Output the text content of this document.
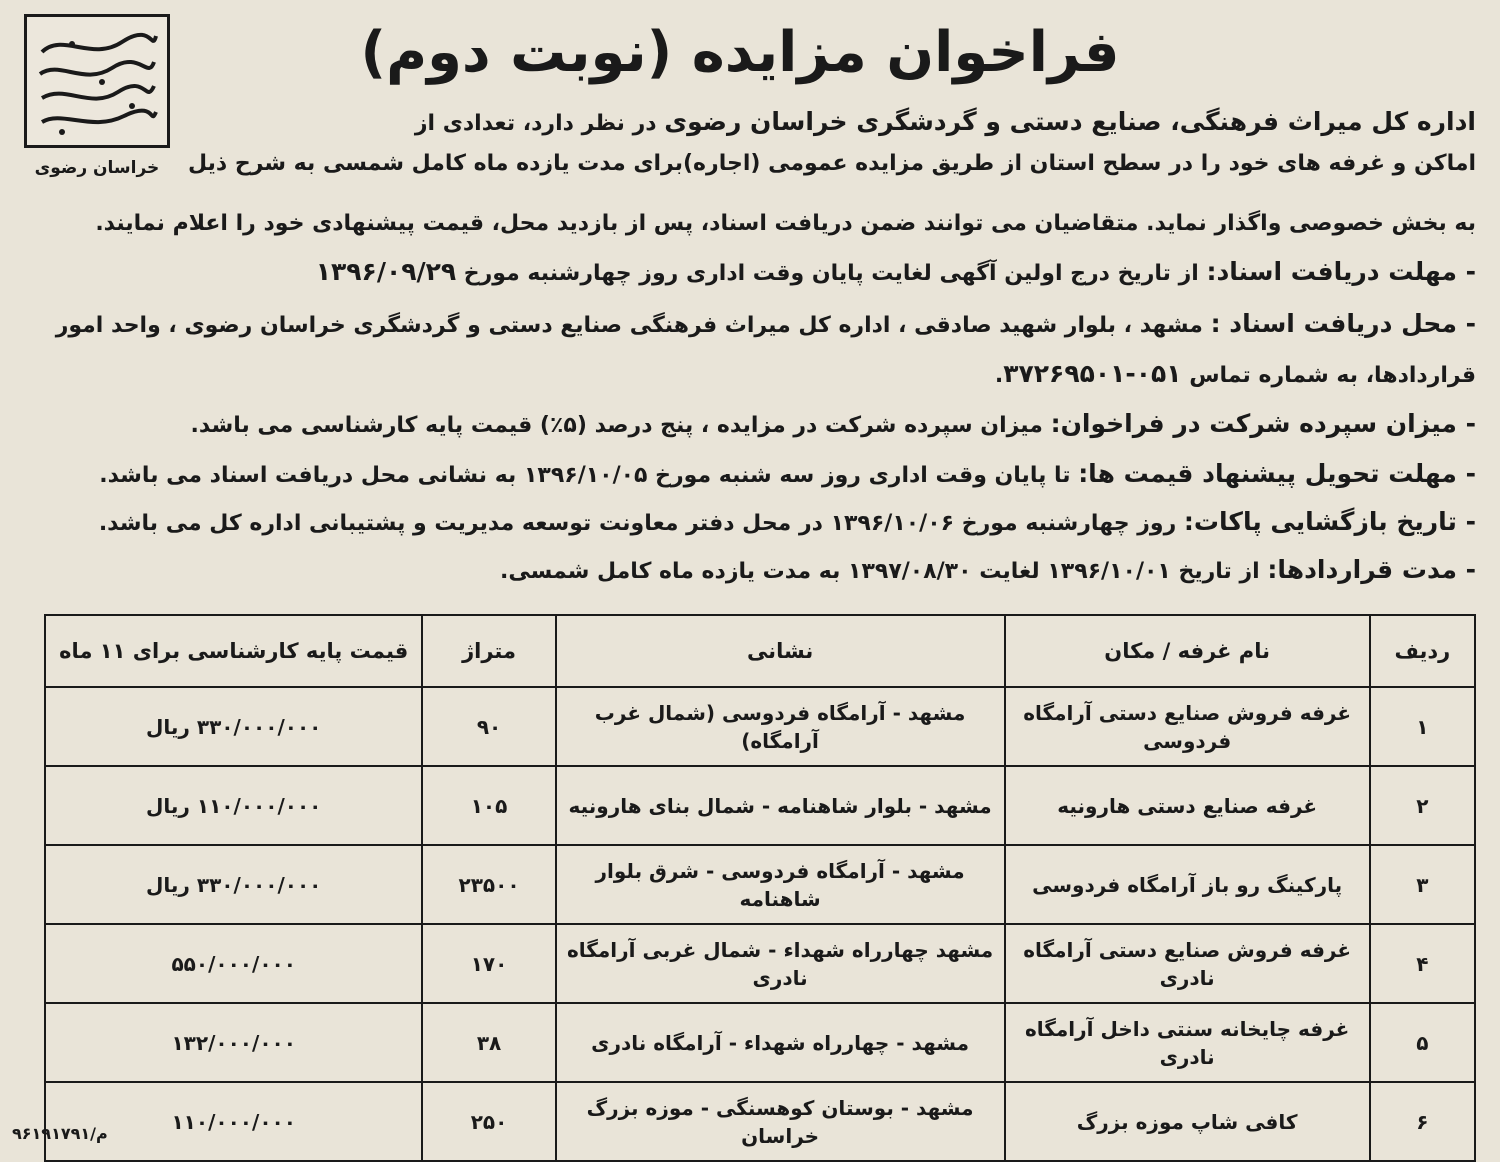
خراسان رضوی
فراخوان مزایده (نوبت دوم)
اداره کل میراث فرهنگی، صنایع دستی و گردشگری خراسان رضوی در نظر دارد، تعدادی از
اماکن و غرفه های خود را در سطح استان از طریق مزایده عمومی (اجاره)برای مدت یازده ماه کامل شمسی به شرح ذیل
به بخش خصوصی واگذار نماید. متقاضیان می توانند ضمن دریافت اسناد، پس از بازدید محل، قیمت پیشنهادی خود را اعلام نمایند.
- مهلت دریافت اسناد: از تاریخ درج اولین آگهی لغایت پایان وقت اداری روز چهارشنبه مورخ ۱۳۹۶/۰۹/۲۹
- محل دریافت اسناد : مشهد ، بلوار شهید صادقی ، اداره کل میراث فرهنگی صنایع دستی و گردشگری خراسان رضوی ، واحد امور
قراردادها، به شماره تماس ۰۵۱-۳۷۲۶۹۵۰۱.
- میزان سپرده شرکت در فراخوان: میزان سپرده شرکت در مزایده ، پنج درصد (۵٪) قیمت پایه کارشناسی می باشد.
- مهلت تحویل پیشنهاد قیمت ها: تا پایان وقت اداری روز سه شنبه مورخ ۱۳۹۶/۱۰/۰۵ به نشانی محل دریافت اسناد می باشد.
- تاریخ بازگشایی پاکات: روز چهارشنبه مورخ ۱۳۹۶/۱۰/۰۶ در محل دفتر معاونت توسعه مدیریت و پشتیبانی اداره کل می باشد.
- مدت قراردادها: از تاریخ ۱۳۹۶/۱۰/۰۱ لغایت ۱۳۹۷/۰۸/۳۰ به مدت یازده ماه کامل شمسی.
ردیف	نام غرفه / مکان	نشانی	متراژ	قیمت پایه کارشناسی برای ۱۱ ماه
۱	غرفه فروش صنایع دستی آرامگاه فردوسی	مشهد - آرامگاه فردوسی (شمال غرب آرامگاه)	۹۰	۳۳۰/۰۰۰/۰۰۰ ریال
۲	غرفه صنایع دستی هارونیه	مشهد - بلوار شاهنامه - شمال بنای هارونیه	۱۰۵	۱۱۰/۰۰۰/۰۰۰ ریال
۳	پارکینگ رو باز آرامگاه فردوسی	مشهد - آرامگاه فردوسی - شرق بلوار شاهنامه	۲۳۵۰۰	۳۳۰/۰۰۰/۰۰۰ ریال
۴	غرفه فروش صنایع دستی آرامگاه نادری	مشهد چهارراه شهداء - شمال غربی آرامگاه نادری	۱۷۰	۵۵۰/۰۰۰/۰۰۰
۵	غرفه چایخانه سنتی داخل آرامگاه نادری	مشهد - چهارراه شهداء - آرامگاه نادری	۳۸	۱۳۲/۰۰۰/۰۰۰
۶	کافی شاپ موزه بزرگ	مشهد - بوستان کوهسنگی - موزه بزرگ خراسان	۲۵۰	۱۱۰/۰۰۰/۰۰۰
م/۹۶۱۹۱۷۹۱
